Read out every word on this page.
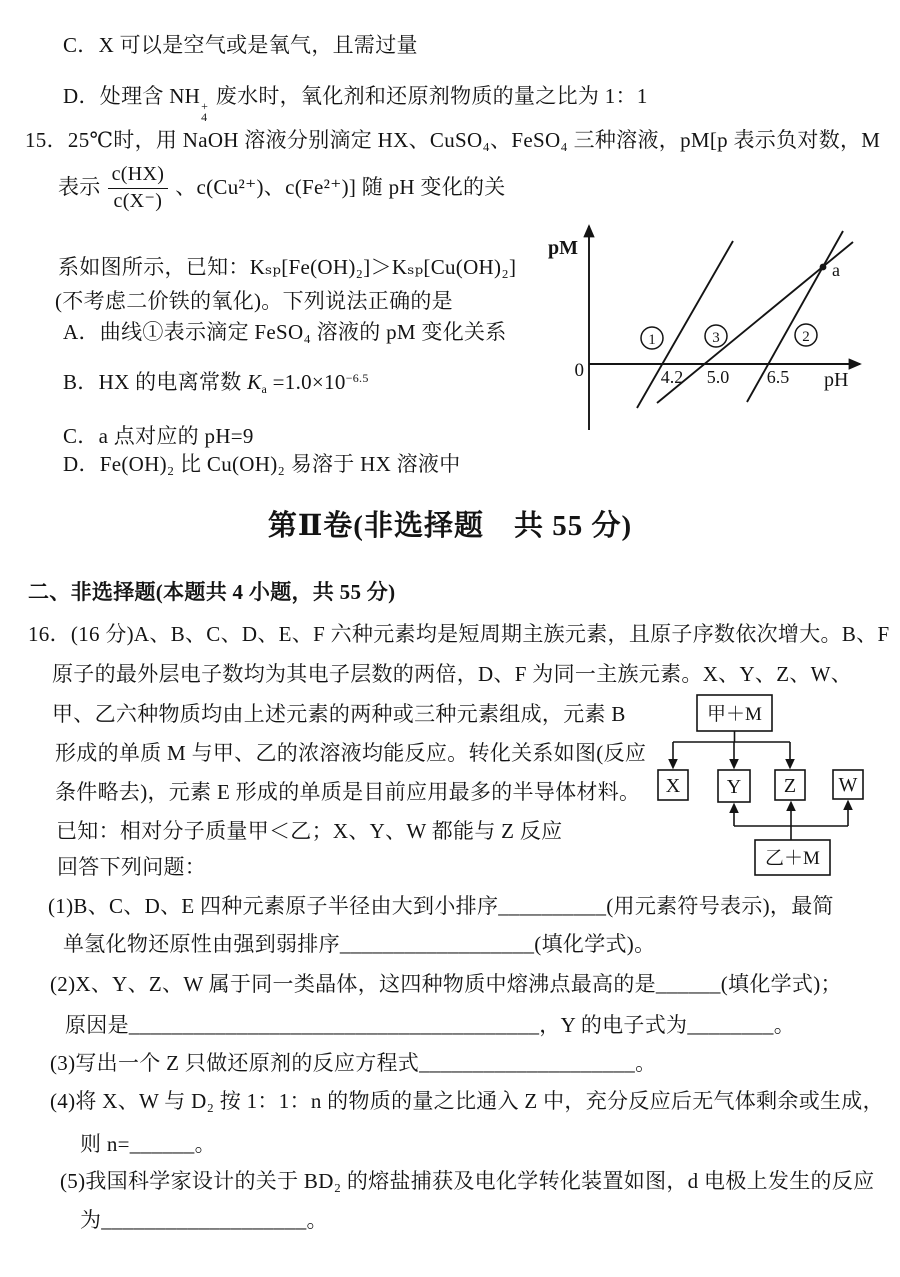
C．X 可以是空气或是氧气，且需过量
D．处理含 NH +
4
废水时，氧化剂和还原剂物质的量之比为 1：1
15．25℃时，用 NaOH 溶液分别滴定 HX、CuSO₄、FeSO₄ 三种溶液，pM[p 表示负对数，M
表示 $\frac{c(HX)}{c(X^-)}$ 、c(Cu²⁺)、c(Fe²⁺)] 随 pH 变化的关
系如图所示，已知：Kₛₚ[Fe(OH)₂]＞Kₛₚ[Cu(OH)₂]
(不考虑二价铁的氧化)。下列说法正确的是
A．曲线①表示滴定 FeSO₄ 溶液的 pM 变化关系
B．HX 的电离常数 $K_a =1.0\times 10^{-6.5}$
C．a 点对应的 pH=9
D．Fe(OH)₂ 比 Cu(OH)₂ 易溶于 HX 溶液中
a
pM
pH
0	4.2 5.0 6.5
1	3	2
第Ⅱ卷(非选择题　共 55 分)
二、非选择题(本题共 4 小题，共 55 分)
16．(16 分)A、B、C、D、E、F 六种元素均是短周期主族元素，且原子序数依次增大。B、F
原子的最外层电子数均为其电子层数的两倍，D、F 为同一主族元素。X、Y、Z、W、
甲、乙六种物质均由上述元素的两种或三种元素组成，元素 B
形成的单质 M 与甲、乙的浓溶液均能反应。转化关系如图(反应
条件略去)，元素 E 形成的单质是目前应用最多的半导体材料。
已知：相对分子质量甲＜乙；X、Y、W 都能与 Z 反应
回答下列问题：
甲＋M
X Y Z W
乙＋M
(1)B、C、D、E 四种元素原子半径由大到小排序__________(用元素符号表示)，最简
单氢化物还原性由强到弱排序__________________(填化学式)。
(2)X、Y、Z、W 属于同一类晶体，这四种物质中熔沸点最高的是______(填化学式)；
原因是______________________________________，Y 的电子式为________。
(3)写出一个 Z 只做还原剂的反应方程式____________________。
(4)将 X、W 与 D₂ 按 1：1：n 的物质的量之比通入 Z 中，充分反应后无气体剩余或生成，
则 n=______。
(5)我国科学家设计的关于 BD₂ 的熔盐捕获及电化学转化装置如图，d 电极上发生的反应
为___________________。
